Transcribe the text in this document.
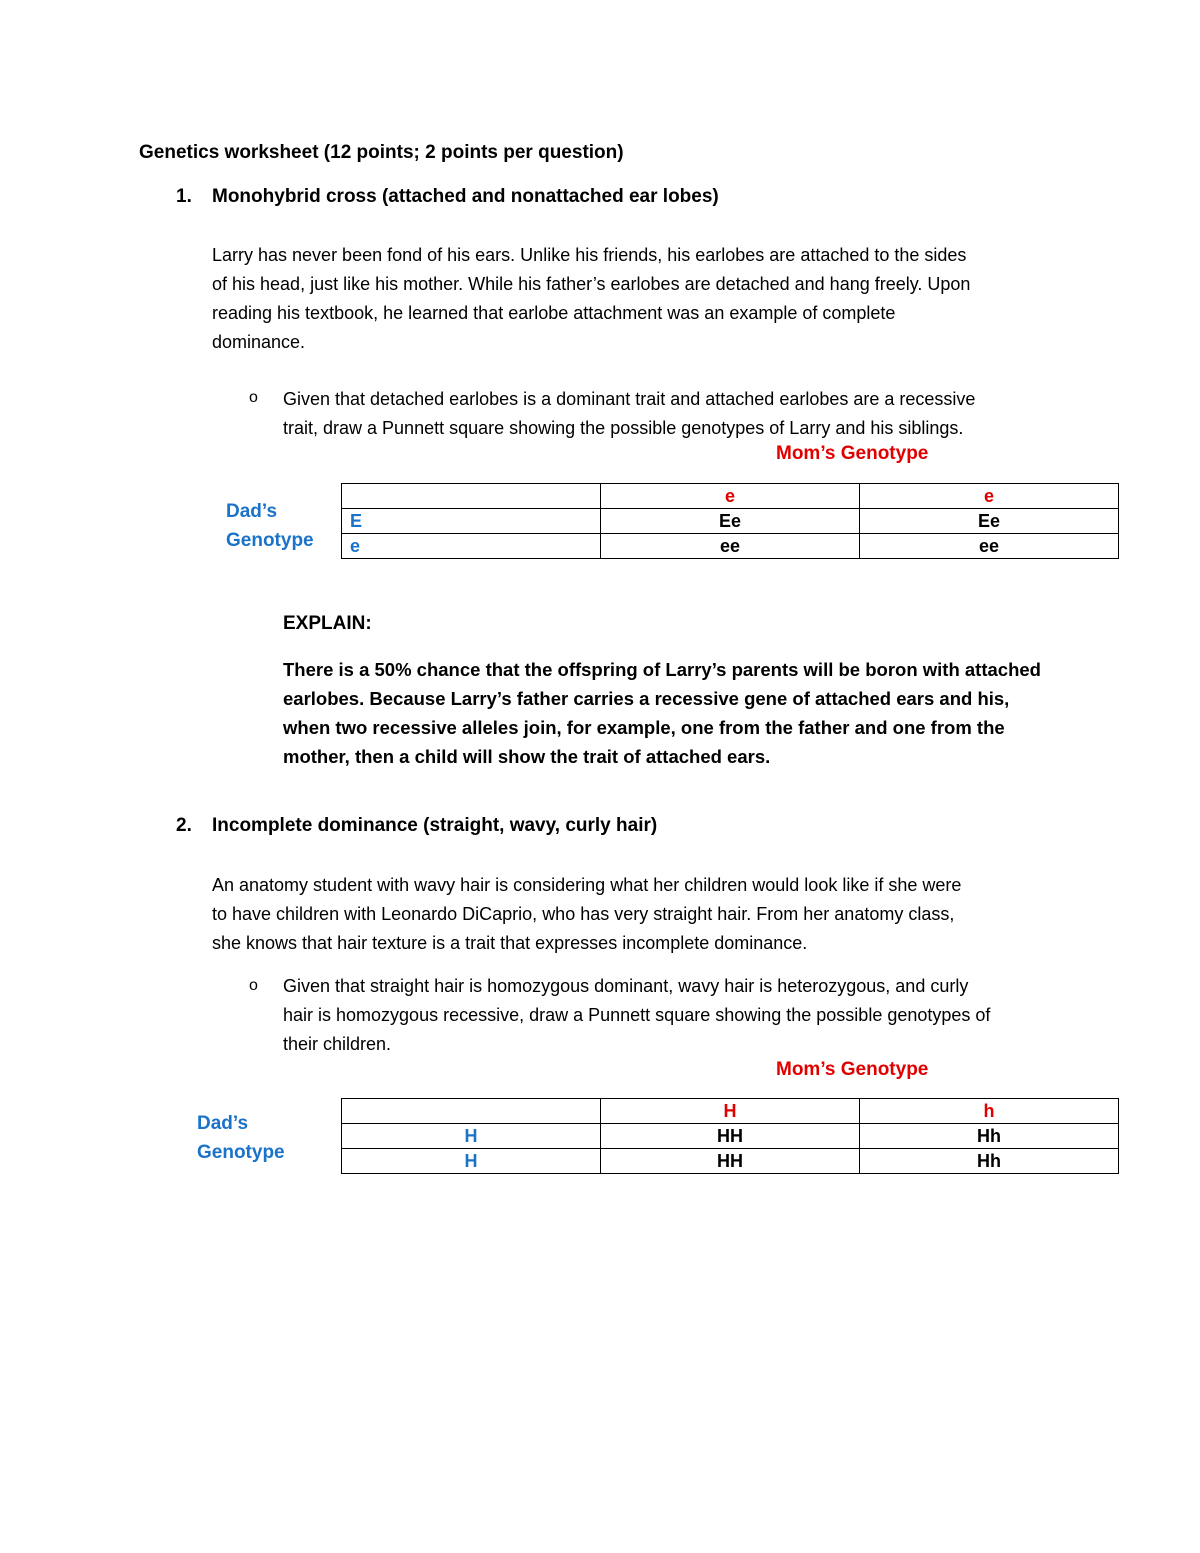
Genetics worksheet (12 points; 2 points per question)
1. Monohybrid cross (attached and nonattached ear lobes)
Larry has never been fond of his ears. Unlike his friends, his earlobes are attached to the sides
of his head, just like his mother. While his father’s earlobes are detached and hang freely. Upon
reading his textbook, he learned that earlobe attachment was an example of complete
dominance.
o Given that detached earlobes is a dominant trait and attached earlobes are a recessive
trait, draw a Punnett square showing the possible genotypes of Larry and his siblings.
Mom’s Genotype
Dad’s
Genotype
	e	e
E	Ee	Ee
e	ee	ee
EXPLAIN:
There is a 50% chance that the offspring of Larry’s parents will be boron with attached
earlobes. Because Larry’s father carries a recessive gene of attached ears and his,
when two recessive alleles join, for example, one from the father and one from the
mother, then a child will show the trait of attached ears.
2. Incomplete dominance (straight, wavy, curly hair)
An anatomy student with wavy hair is considering what her children would look like if she were
to have children with Leonardo DiCaprio, who has very straight hair. From her anatomy class,
she knows that hair texture is a trait that expresses incomplete dominance.
o Given that straight hair is homozygous dominant, wavy hair is heterozygous, and curly
hair is homozygous recessive, draw a Punnett square showing the possible genotypes of
their children.
Mom’s Genotype
Dad’s
Genotype
	H	h
H	HH	Hh
H	HH	Hh
